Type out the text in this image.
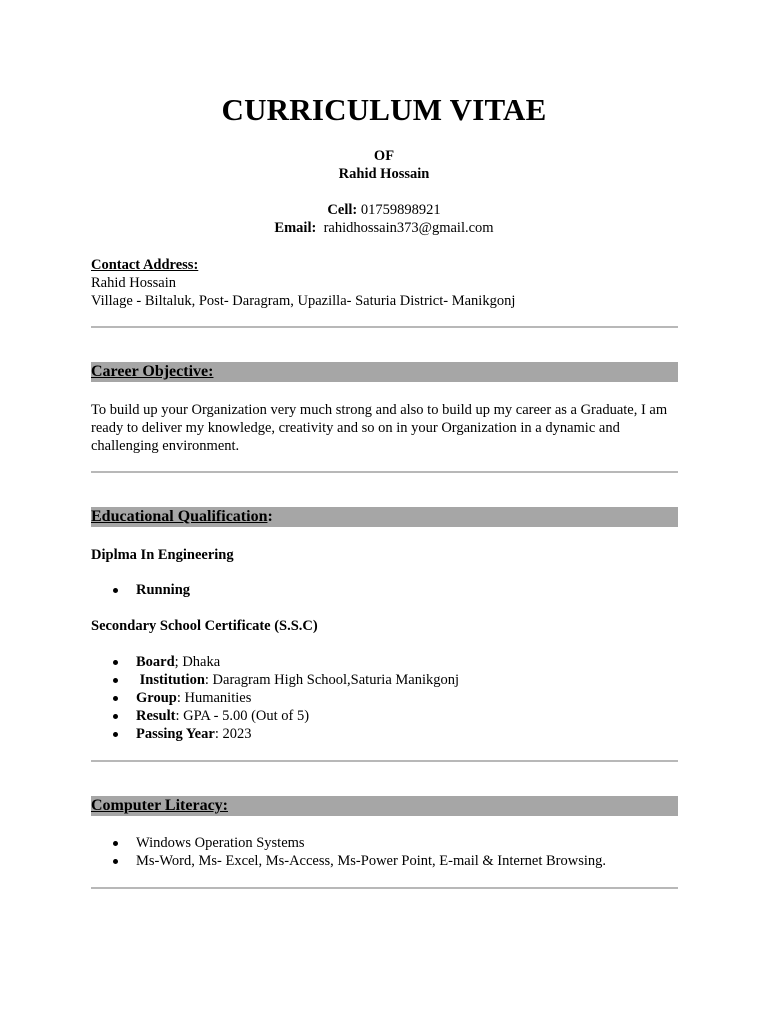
CURRICULUM VITAE
OF
Rahid Hossain
Cell: 01759898921
Email:  rahidhossain373@gmail.com
Contact Address:
Rahid Hossain
Village - Biltaluk, Post- Daragram, Upazilla- Saturia District- Manikgonj
Career Objective:
To build up your Organization very much strong and also to build up my career as a Graduate, I am ready to deliver my knowledge, creativity and so on in your Organization in a dynamic and challenging environment.
Educational Qualification:
Diplma In Engineering
Running
Secondary School Certificate (S.S.C)
Board; Dhaka
Institution: Daragram High School,Saturia Manikgonj
Group: Humanities
Result: GPA - 5.00 (Out of 5)
Passing Year: 2023
Computer Literacy:
Windows Operation Systems
Ms-Word, Ms- Excel, Ms-Access, Ms-Power Point, E-mail & Internet Browsing.
